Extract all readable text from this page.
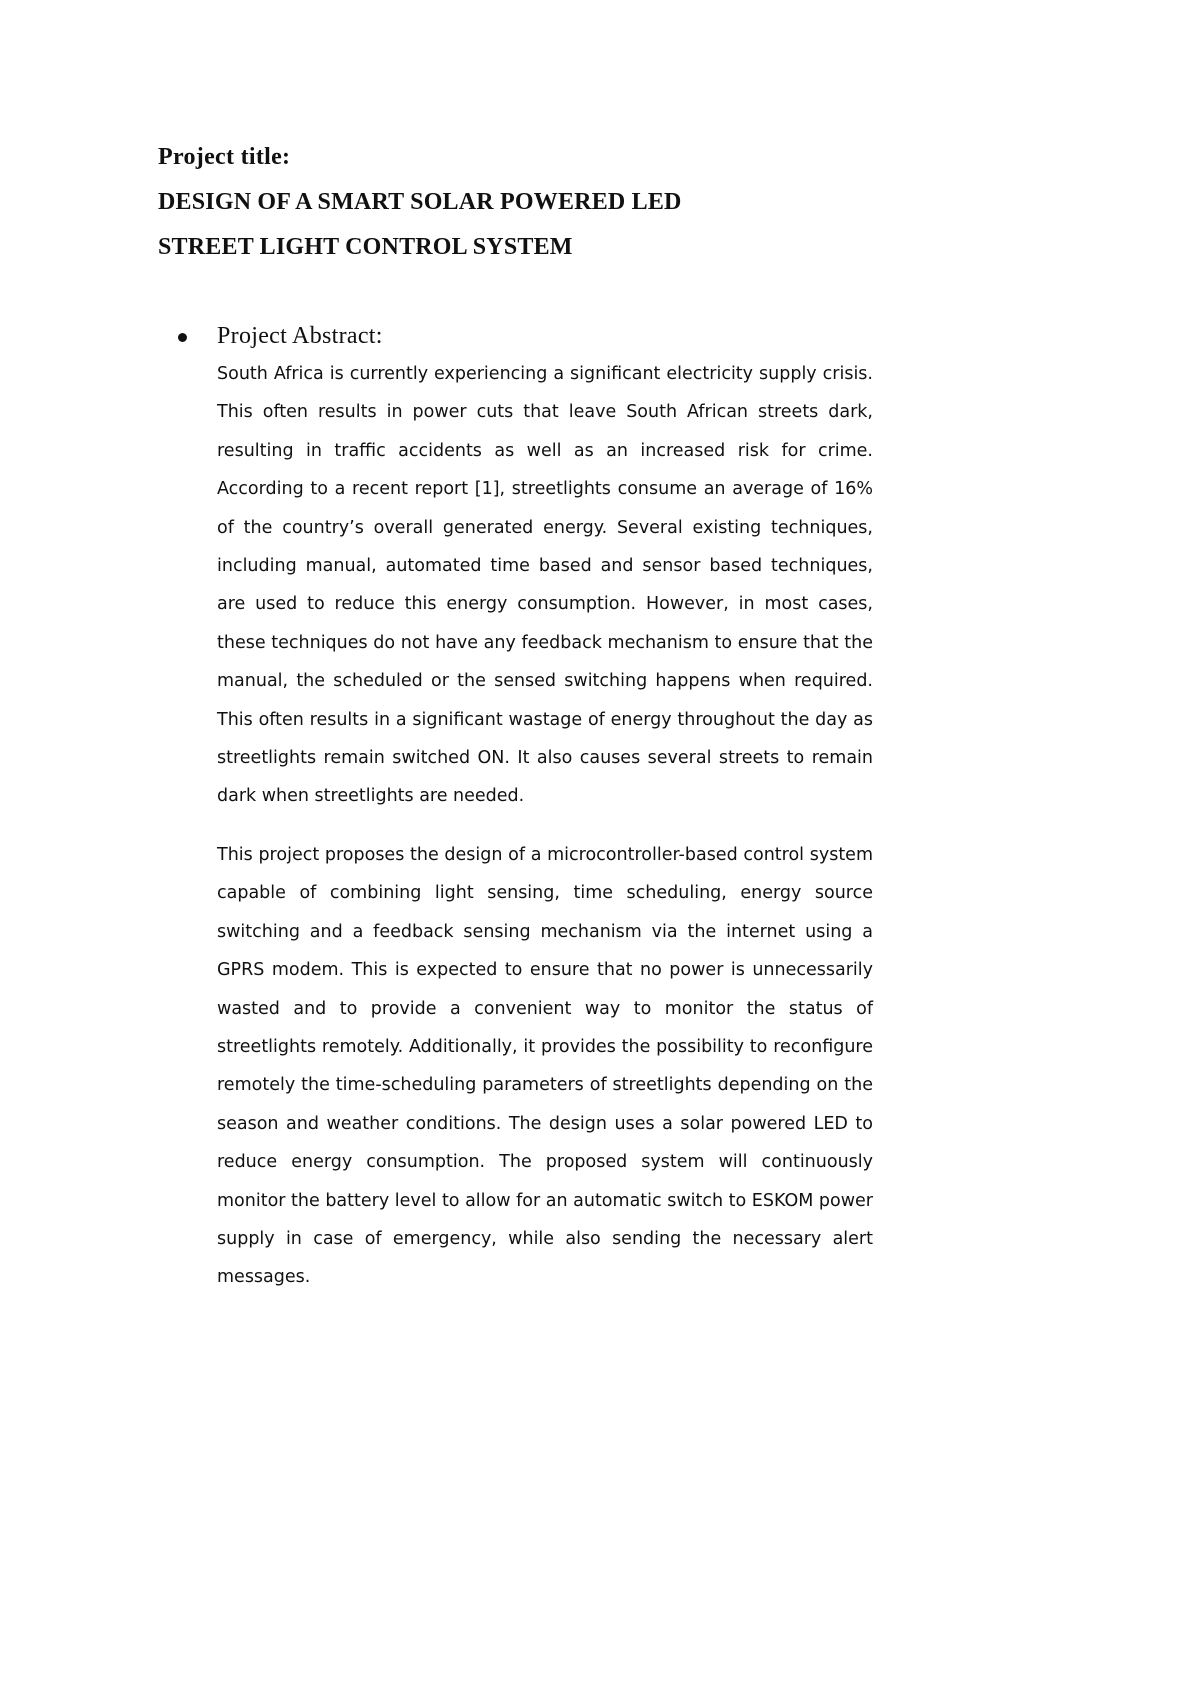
Project title:
DESIGN OF A SMART SOLAR POWERED LED
STREET LIGHT CONTROL SYSTEM
Project Abstract:

South Africa is currently experiencing a significant electricity supply crisis. This often results in power cuts that leave South African streets dark, resulting in traffic accidents as well as an increased risk for crime. According to a recent report [1], streetlights consume an average of 16% of the country’s overall generated energy. Several existing techniques, including manual, automated time based and sensor based techniques, are used to reduce this energy consumption. However, in most cases, these techniques do not have any feedback mechanism to ensure that the manual, the scheduled or the sensed switching happens when required. This often results in a significant wastage of energy throughout the day as streetlights remain switched ON. It also causes several streets to remain dark when streetlights are needed.

This project proposes the design of a microcontroller-based control system capable of combining light sensing, time scheduling, energy source switching and a feedback sensing mechanism via the internet using a GPRS modem. This is expected to ensure that no power is unnecessarily wasted and to provide a convenient way to monitor the status of streetlights remotely. Additionally, it provides the possibility to reconfigure remotely the time-scheduling parameters of streetlights depending on the season and weather conditions. The design uses a solar powered LED to reduce energy consumption. The proposed system will continuously monitor the battery level to allow for an automatic switch to ESKOM power supply in case of emergency, while also sending the necessary alert messages.
